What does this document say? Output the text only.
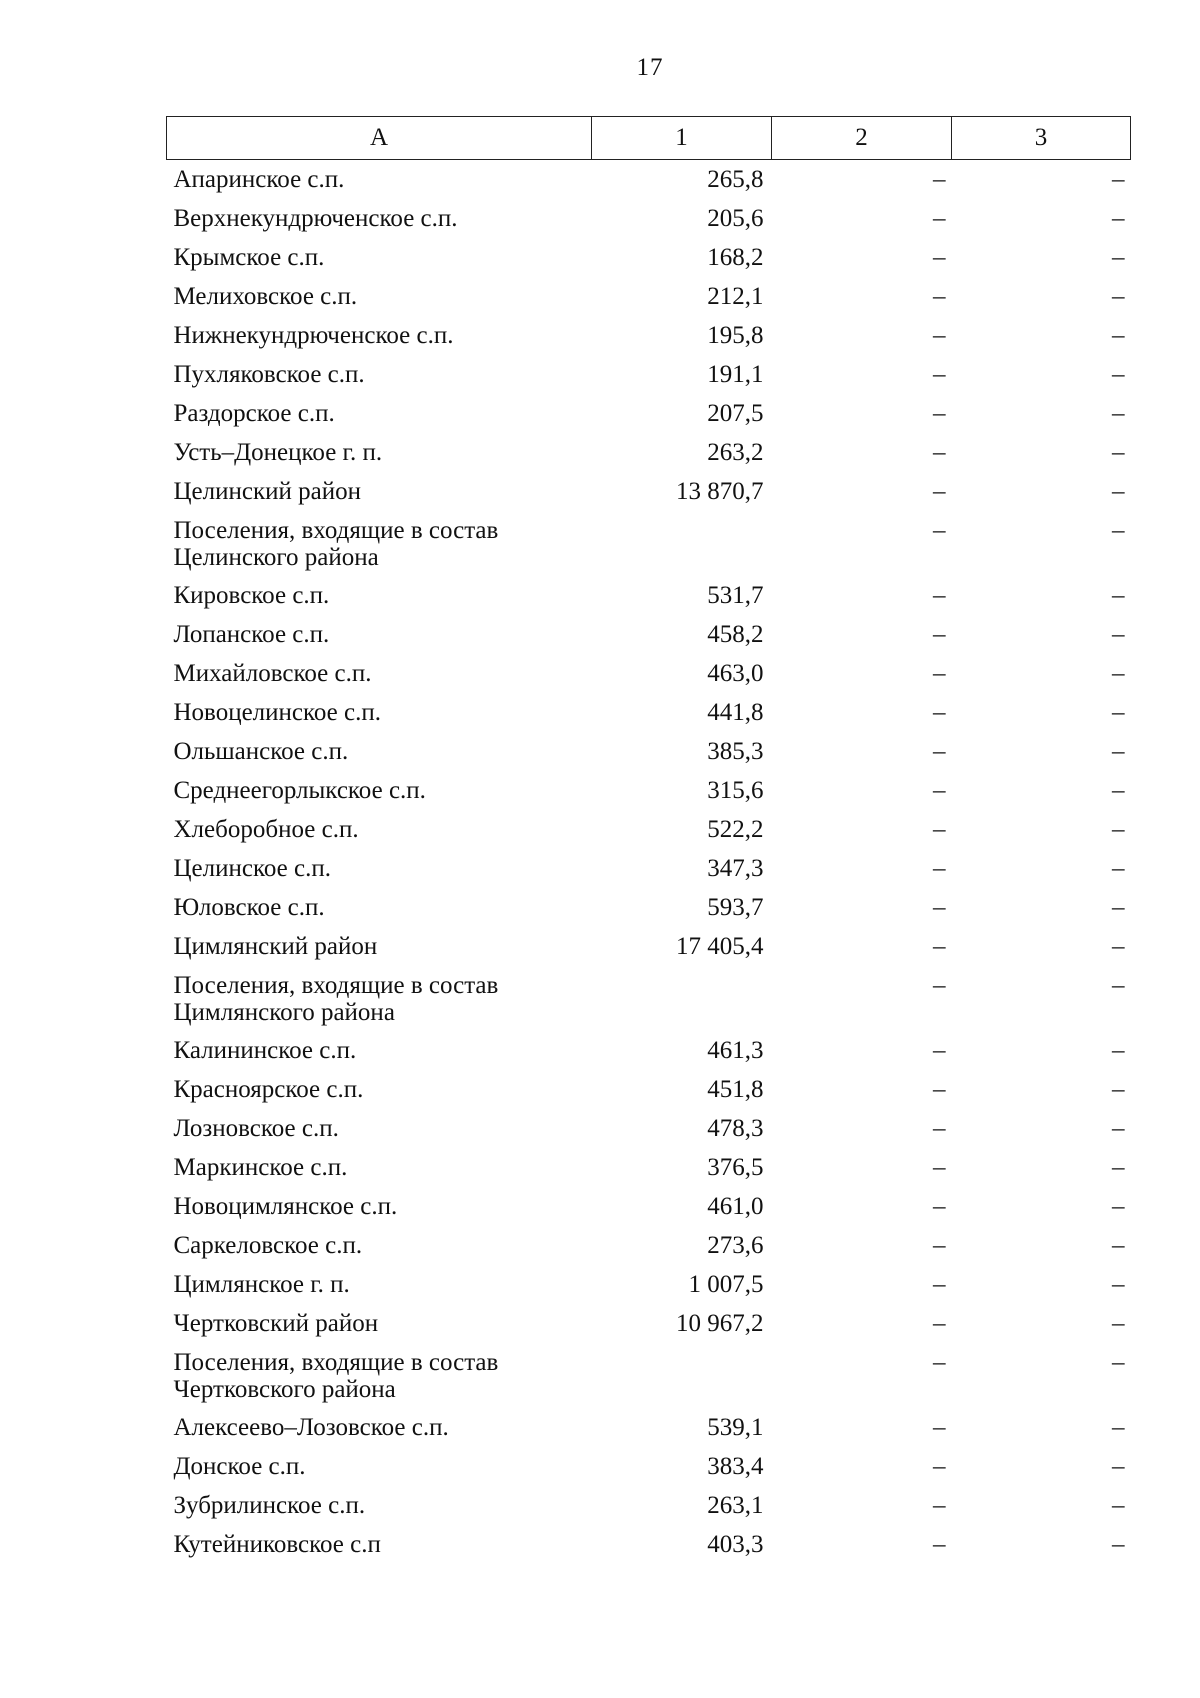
17
А	1	2	3
Апаринское с.п.	265,8	–	–
Верхнекундрюченское с.п.	205,6	–	–
Крымское с.п.	168,2	–	–
Мелиховское с.п.	212,1	–	–
Нижнекундрюченское с.п.	195,8	–	–
Пухляковское с.п.	191,1	–	–
Раздорское с.п.	207,5	–	–
Усть–Донецкое г. п.	263,2	–	–
Целинский район	13 870,7	–	–
Поселения, входящие в состав Целинского района		–	–
Кировское с.п.	531,7	–	–
Лопанское с.п.	458,2	–	–
Михайловское с.п.	463,0	–	–
Новоцелинское с.п.	441,8	–	–
Ольшанское с.п.	385,3	–	–
Среднеегорлыкское с.п.	315,6	–	–
Хлеборобное с.п.	522,2	–	–
Целинское с.п.	347,3	–	–
Юловское с.п.	593,7	–	–
Цимлянский район	17 405,4	–	–
Поселения, входящие в состав Цимлянского района		–	–
Калининское с.п.	461,3	–	–
Красноярское с.п.	451,8	–	–
Лозновское с.п.	478,3	–	–
Маркинское с.п.	376,5	–	–
Новоцимлянское с.п.	461,0	–	–
Саркеловское с.п.	273,6	–	–
Цимлянское г. п.	1 007,5	–	–
Чертковский район	10 967,2	–	–
Поселения, входящие в состав Чертковского района		–	–
Алексеево–Лозовское с.п.	539,1	–	–
Донское с.п.	383,4	–	–
Зубрилинское с.п.	263,1	–	–
Кутейниковское с.п	403,3	–	–
